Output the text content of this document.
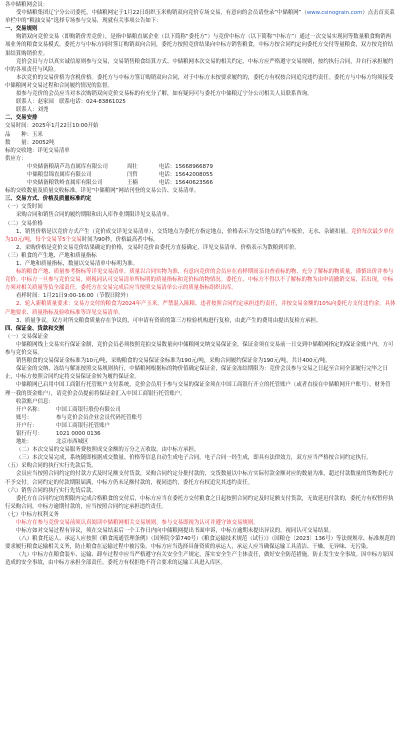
各中储粮网会员：

受中储粮集团辽宁分公司委托，中储粮网定于1月22日组织玉米购销双向竞价专场交易，有意向的会员请登录“中储粮网”（www.csinograin.com）点击首页菜单栏中的“粮油交易”选择专场参与交易，现就有关事项公告如下：

一、交易规则

购销双向竞价交易（即购销价差竞价），是指中储粮直属企业（以下简称“委托方”）与竞价中标方（以下简称“中标方”）通过一次交易实现同等数量粮食购销两项业务的粮食交易模式。委托方与中标方同时签订购销双向合同，委托方按照竞价结果向中标方销售粮食，中标方按合同约定向委托方交付等量粮食，双方按竞价结果结算购销价差。

竞价会员与方以真实诚信原则参与交易，交易销售粮食结算方式、中储粮网本次交易的相关约定、中标方应严格遵守交易规则，按约执行合同，并自行承担履约中的各项责任与风险。

本次竞价的交易价格为含税价格。委托方与中标方签订购销双向合同，对于中标方未按要求履约的，委托方有权按合同追究违约责任。委托方与中标方均须接受中储粮网对交易过程和合同履约情况的监督。

拟参与竞价的会员应当对本次购销双向竞价交易标的有充分了解，如有疑问可与委托方中储粮辽宁分公司相关人员联系咨询。

联系人：赵家园　联系电话：024-83861025

联系人：刘尧

二、交易安排

交易时间：2025年1月22日10:00开始

品　　种：玉米

数　　量：20052吨

标的交收地：详见交易清单

供应方：

中央储备粮葫芦岛直属库有限公司	周壮	电话：15668966879
中储粮盘锦直属库有限公司	闫哲	电话：15642008055
中央储备粮铁岭直属库有限公司	王楠	电话：15640623566

标的交收数量及质量交收标准，详见“中储粮网”网站刊登的交易公告、交易清单。

三、交易方式、价格及质量标准约定

（一）交货时间

采购合同和销售合同的履约期限和出入库作业期限详见交易清单。

（二）交易价格

1、销售价格是以竞价方式产生（竞价成交详见交易清单），交货地点为委托方指定地点，价格表示为交货地点的汽车板价，无水、杂铺扣量。竞价每次最少单位为10元/吨，每个交易节5个交易时间为90秒，价格最高者中标。

2、采购价格是竞价交易竞价结果确定的价格，交易时竞价由委托方直接确定，详见交易清单，价格表示为散粮到库价。

（三）粮食的产生地、产地和质量指标

1、产地和质量指标，数量以交易清单中标明为准。

标的粮食产地、质量参考指标等详见交易清单。质量以合同实物为准，有意向竞价的会员应在看样期间亲自查看标的物，充分了解标的物质量，谨慎出价并参与竞价。中标方一旦参与竞价交易，则视同认可交易清单所标明的质量指标和竞价标的物情况。委托方、中标方不得以不了解标的物为由申请撤销交易，若出现，中标方须对相关质量等负全部责任。委托方在交易完成后应当按照交易清单公示的质量指标组织出库。

看样时间：1月21日9:00-16:00（节假日除外）

2、轮入新粮质量要求：交易方交付的粮食为2024年产玉米，严禁混入陈粮、违者按照合同约定承担违约责任，并按交易金额的10%向委托方支付违约金。具体产地要求、质量指标及验收标准等详见交易清单。

3、质量争议。双方对所交粮食质量存在争议的，可申请有资质的第三方检验机构进行复检，由此产生的费用由提出复检方承担。

四、保证金、货款和交割

（一）交易保证金

中储粮网线上交易实行保证金制，竞价会员必须按照竞拍交易数量向中储粮网交纳交易保证金，保证金须在交易前一日交到中储粮网指定的保证金账户内，方可参与竞价交易。

销售粮食的交易保证金标准为10元/吨，采购粮食的交易保证金标准为190元/吨，采购合同履约保证金为190元/吨，共计400元/吨。

保证金的交纳、冻结与解冻按照交易规则执行，中储粮网根据标的物价值确定保证金，保证金冻结期限为：竞价会员参与交易之日起至合同全部履行完毕之日止，中标方按照合同约定将交易保证金转为履约保证金。

中储粮网已启用中国工商银行托管账户支付系统，竞价会员用于参与交易的保证金须在中国工商银行开立的托管账户（或者直接在中储粮网开户账号），财务管理一我的资金账户），请竞价会员提前将保证金汇入中国工商银行托管账户。

收款账户信息：

开户名称： 中国工商银行股份有限公司

账号：	参与竞价会员企业会员代码托管账号

开户行：	中国工商银行托管账户

银行行号： 1021 0000 0136

地址：	北京市西城区

（二）本次交易的交易服务费按照成交金额的万分之五收取，由中标方承担。

（三）本次交易完成，系统随即根据成交数量、价格等信息自动生成电子合同。电子合同一经生成，即具有法律效力，双方应当严格按合同约定执行。

（五）采购合同的执行实行先款后货。

会员应当按照合同约定的付款方式及时足额支付货款，采购合同约定分批付款的，交货数量以中标方实际付款金额对应的数量为准，超过付款数量的货物委托方不予交付。合同约定的付款期限届满，中标方仍未足额付款的，视同违约，委托方有权追究其违约责任。

（六）销售合同的执行实行先货后款。

委托方在合同约定的期限内完成合格粮食的交付后，中标方应当在委托方交付粮食之日起按照合同约定及时足额支付货款，无故延迟付款的，委托方有权暂停执行采购合同。中标方逾期付款的，应当按照合同约定承担违约责任。

（七）中标方权利义务

中标方在参与竞价交易前须认真阅读中储粮网相关交易规则，参与交易即视为认可并遵守该交易规则。

中标方如对交易过程有异议，须在交易结束后一个工作日内向中储粮网提出书面申诉，中标方逾期未提出异议的，视同认可交易结果。

（八）粮食托运人、承运人应按照《粮食流通管理条例》（国务院令第740号）《粮食运输技术规范（试行）》（国粮仓〔2023〕136号）等法规规章、标准规范的要求履行粮食运输相关义务，防止粮食在运输过程中被污染。中标方应当选择具备资质的承运人，承运人应当确保运输工具清洁、干燥、无异味、无污染。

（九）中标方在粮食装车、运输、卸车过程中应当严格遵守有关安全生产规定，落实安全生产主体责任，做好安全防范措施，防止发生安全事故。因中标方原因造成的安全事故，由中标方承担全部责任。委托方有权拒绝不符合要求的运输工具进入库区。
